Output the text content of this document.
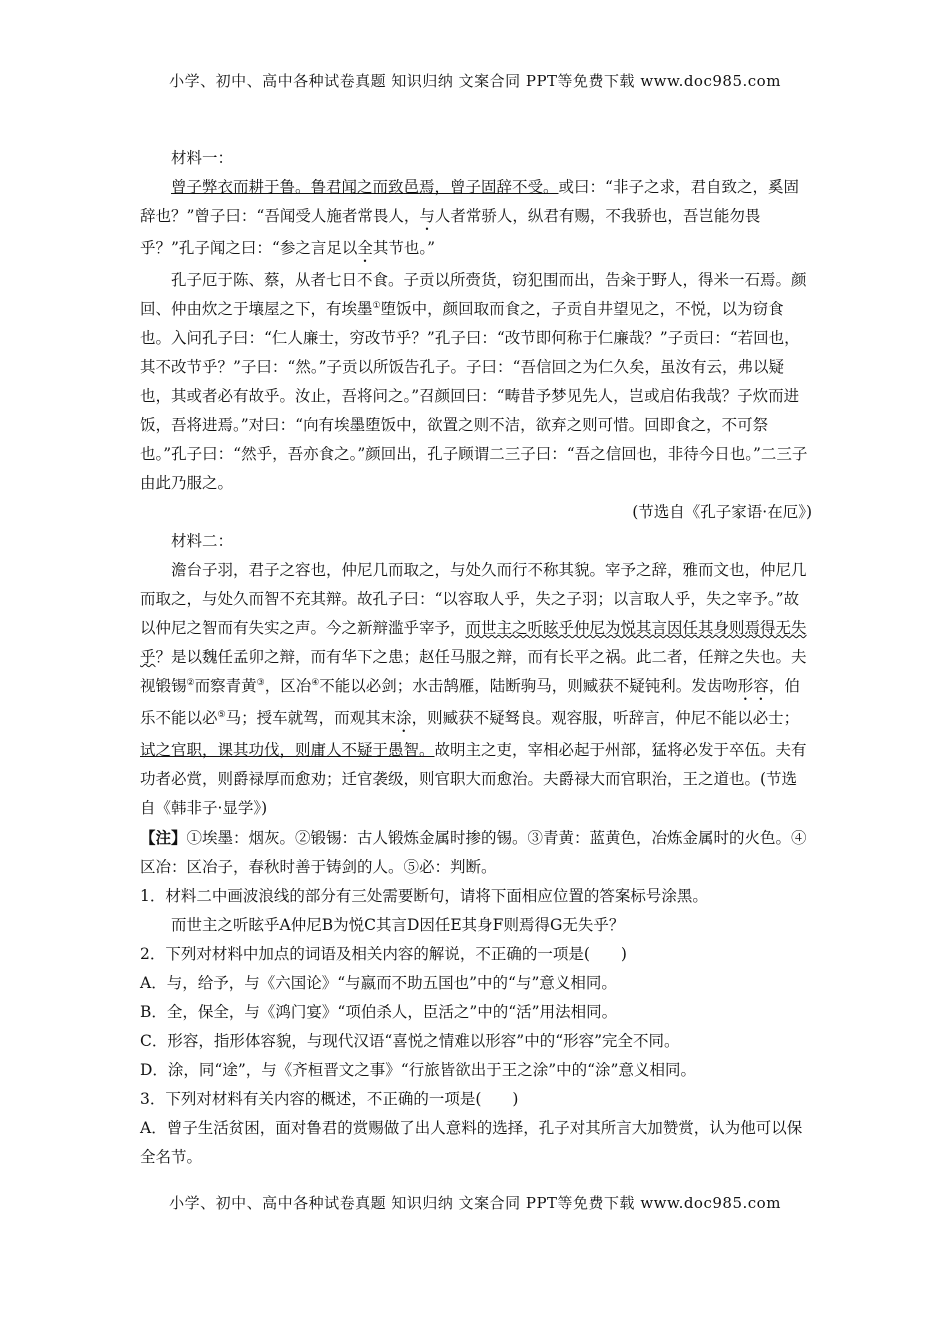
小学、初中、高中各种试卷真题 知识归纳 文案合同 PPT等免费下载 www.doc985.com

材料一：

曾子弊衣而耕于鲁。鲁君闻之而致邑焉，曾子固辞不受。或曰：“非子之求，君自致之，奚固辞也？”曾子曰：“吾闻受人施者常畏人，与人者常骄人，纵君有赐，不我骄也，吾岂能勿畏乎？”孔子闻之曰：“参之言足以全其节也。”

孔子厄于陈、蔡，从者七日不食。子贡以所赍货，窃犯围而出，告籴于野人，得米一石焉。颜回、仲由炊之于壤屋之下，有埃墨①堕饭中，颜回取而食之，子贡自井望见之，不悦，以为窃食也。入问孔子曰：“仁人廉士，穷改节乎？”孔子曰：“改节即何称于仁廉哉？”子贡曰：“若回也，其不改节乎？”子曰：“然。”子贡以所饭告孔子。子曰：“吾信回之为仁久矣，虽汝有云，弗以疑也，其或者必有故乎。汝止，吾将问之。”召颜回曰：“畴昔予梦见先人，岂或启佑我哉？子炊而进饭，吾将进焉。”对曰：“向有埃墨堕饭中，欲置之则不洁，欲弃之则可惜。回即食之，不可祭也。”孔子曰：“然乎，吾亦食之。”颜回出，孔子顾谓二三子曰：“吾之信回也，非待今日也。”二三子由此乃服之。

(节选自《孔子家语·在厄》)

材料二：

澹台子羽，君子之容也，仲尼几而取之，与处久而行不称其貌。宰予之辞，雅而文也，仲尼几而取之，与处久而智不充其辩。故孔子曰：“以容取人乎，失之子羽；以言取人乎，失之宰予。”故以仲尼之智而有失实之声。今之新辩滥乎宰予，而世主之听眩乎仲尼为悦其言因任其身则焉得无失乎？是以魏任孟卯之辩，而有华下之患；赵任马服之辩，而有长平之祸。此二者，任辩之失也。夫视锻锡②而察青黄③，区冶④不能以必剑；水击鹄雁，陆断驹马，则臧获不疑钝利。发齿吻形容，伯乐不能以必⑤马；授车就驾，而观其末涂，则臧获不疑驽良。观容服，听辞言，仲尼不能以必士；试之官职，课其功伐，则庸人不疑于愚智。故明主之吏，宰相必起于州部，猛将必发于卒伍。夫有功者必赏，则爵禄厚而愈劝；迁官袭级，则官职大而愈治。夫爵禄大而官职治，王之道也。(节选自《韩非子·显学》)

【注】①埃墨：烟灰。②锻锡：古人锻炼金属时掺的锡。③青黄：蓝黄色，冶炼金属时的火色。④区冶：区冶子，春秋时善于铸剑的人。⑤必：判断。

1．材料二中画波浪线的部分有三处需要断句，请将下面相应位置的答案标号涂黑。

而世主之听眩乎A仲尼B为悦C其言D因任E其身F则焉得G无失乎？

2．下列对材料中加点的词语及相关内容的解说，不正确的一项是(　　)

A．与，给予，与《六国论》“与嬴而不助五国也”中的“与”意义相同。

B．全，保全，与《鸿门宴》“项伯杀人，臣活之”中的“活”用法相同。

C．形容，指形体容貌，与现代汉语“喜悦之情难以形容”中的“形容”完全不同。

D．涂，同“途”，与《齐桓晋文之事》“行旅皆欲出于王之涂”中的“涂”意义相同。

3．下列对材料有关内容的概述，不正确的一项是(　　)

A．曾子生活贫困，面对鲁君的赏赐做了出人意料的选择，孔子对其所言大加赞赏，认为他可以保全名节。

小学、初中、高中各种试卷真题 知识归纳 文案合同 PPT等免费下载 www.doc985.com
